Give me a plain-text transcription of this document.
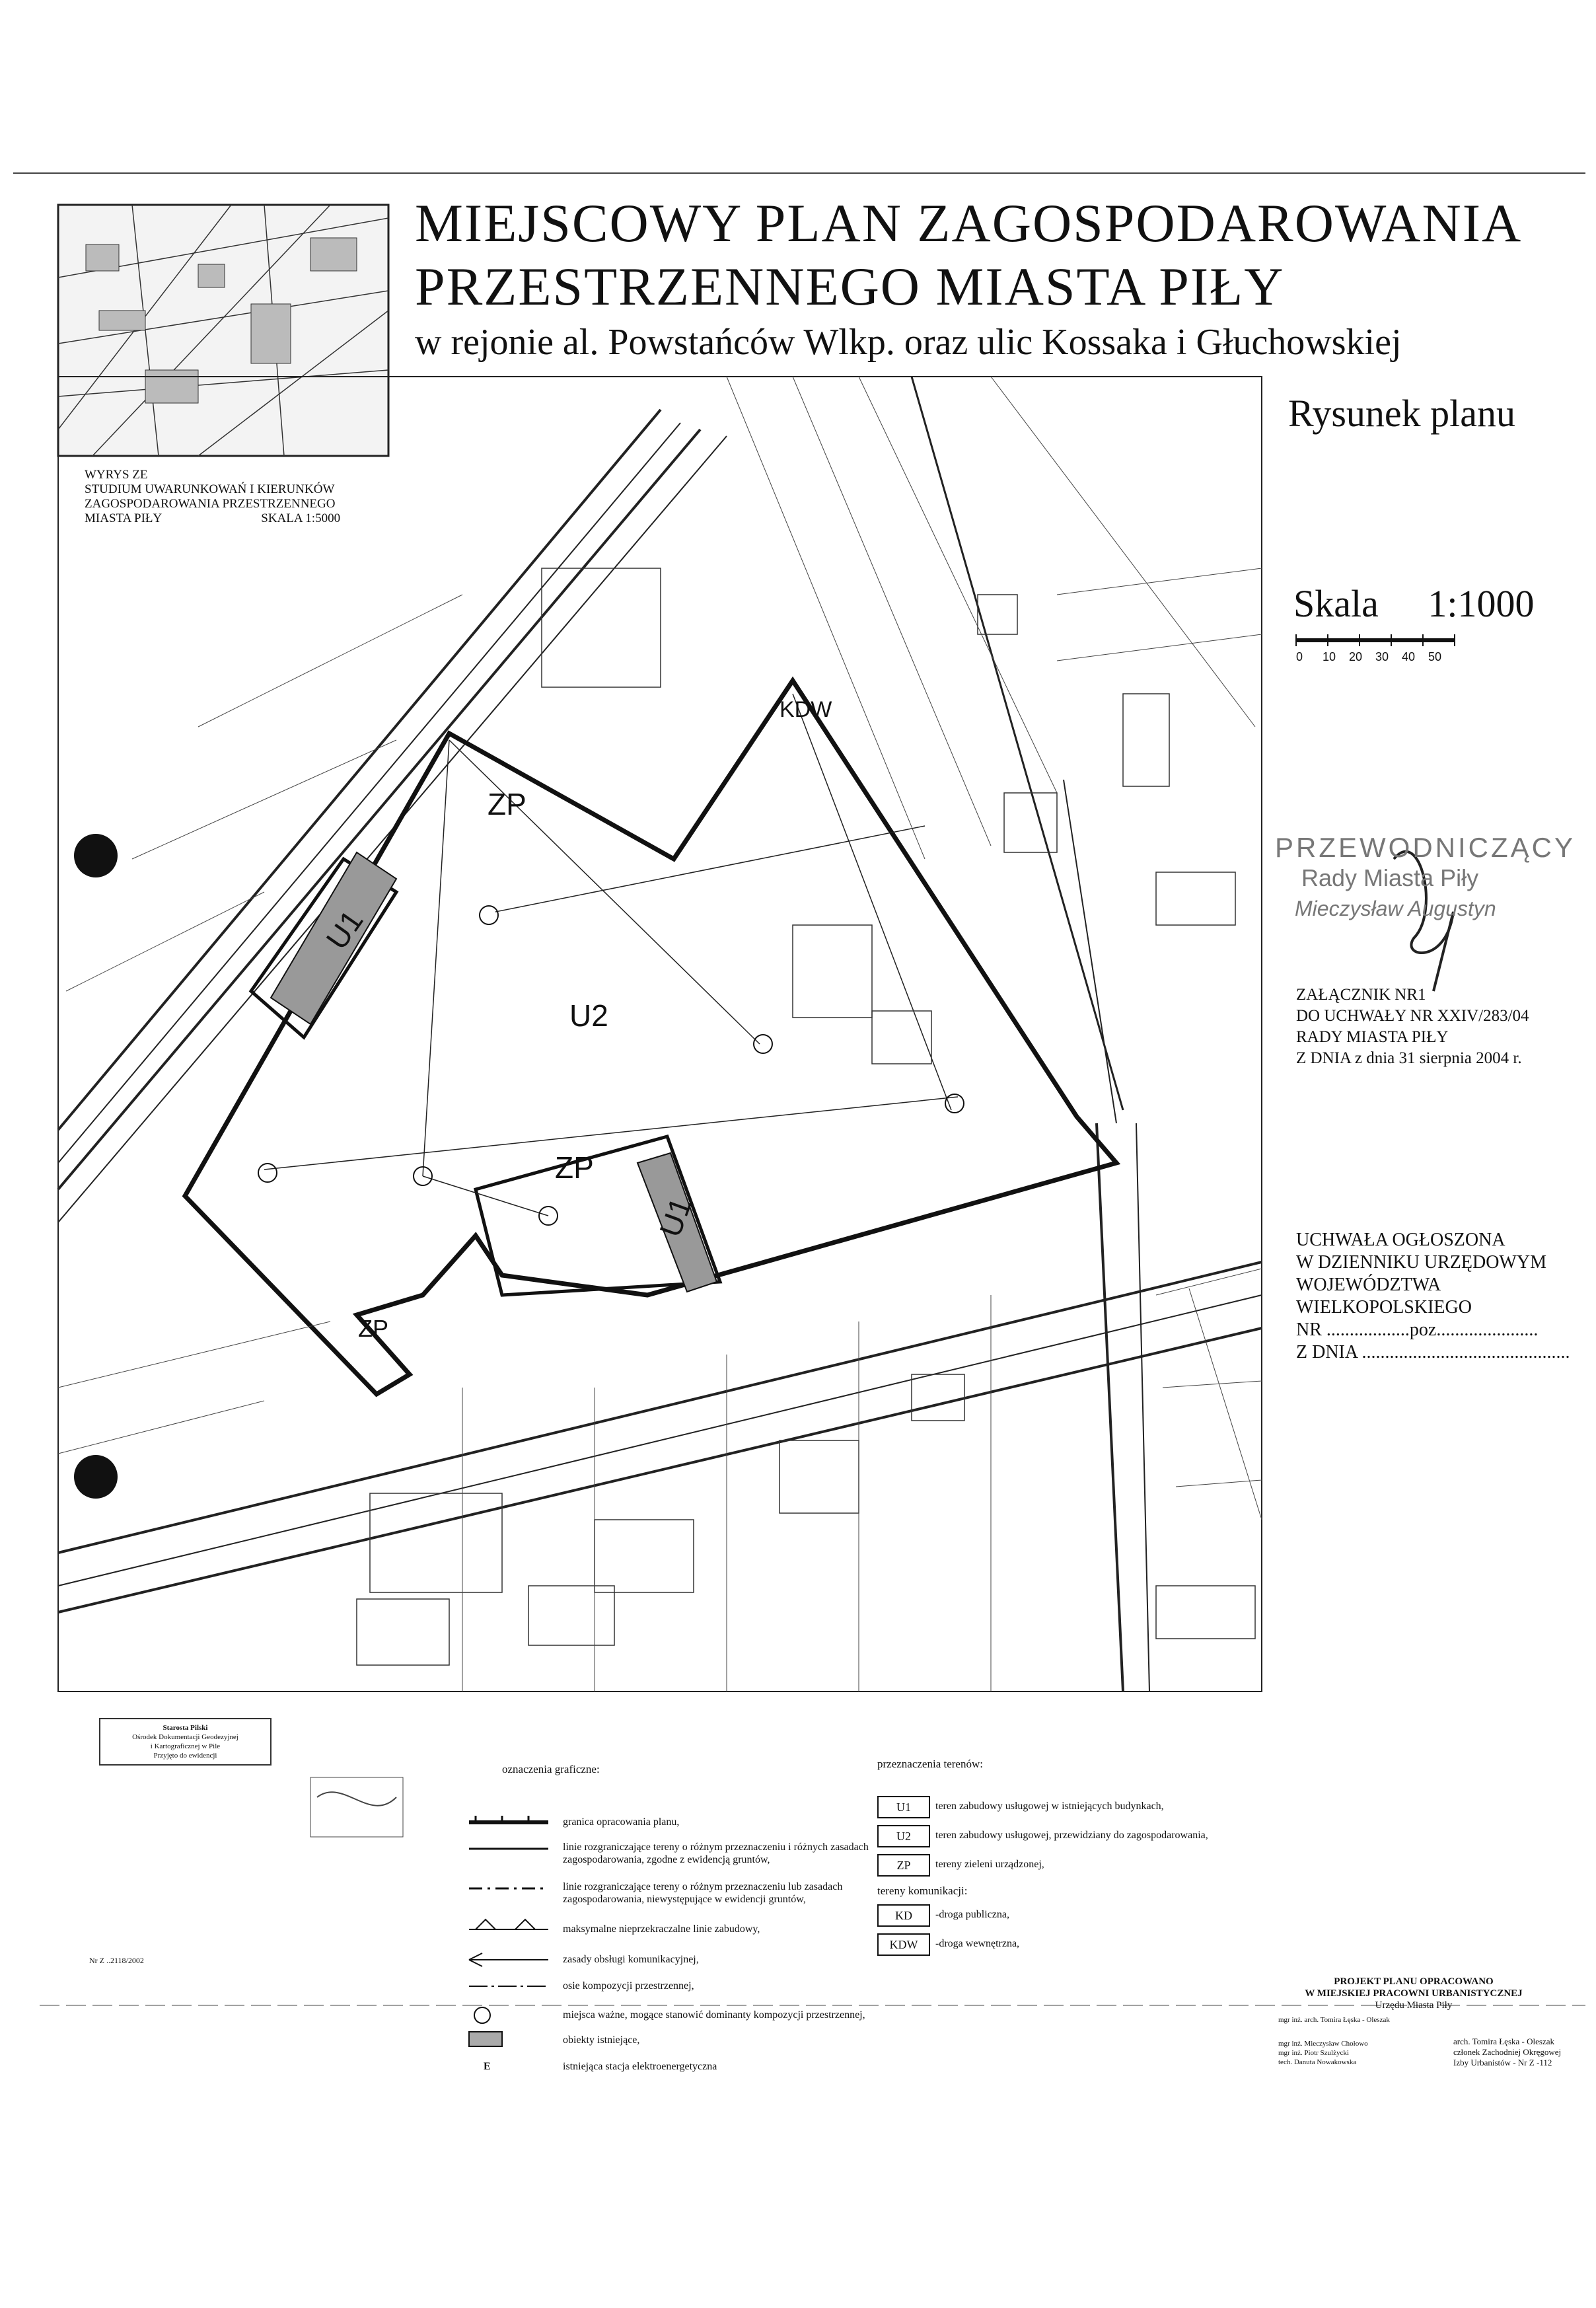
KDW
ZP
U1
U2
ZP
U1
ZP
MIEJSCOWY PLAN ZAGOSPODAROWANIA
PRZESTRZENNEGO MIASTA PIŁY
w rejonie al. Powstańców Wlkp. oraz ulic Kossaka i Głuchowskiej
WYRYS ZE
STUDIUM UWARUNKOWAŃ I KIERUNKÓW
ZAGOSPODAROWANIA PRZESTRZENNEGO
MIASTA PIŁY	SKALA 1:5000
Rysunek planu
Skala 1:1000
0 10 20 30 40 50
PRZEWODNICZĄCY
Rady Miasta Piły
Mieczysław Augustyn
ZAŁĄCZNIK NR1
DO UCHWAŁY NR XXIV/283/04
RADY MIASTA PIŁY
Z DNIA z dnia 31 sierpnia 2004 r.
UCHWAŁA OGŁOSZONA
W DZIENNIKU URZĘDOWYM
WOJEWÓDZTWA
WIELKOPOLSKIEGO
NR ..................poz......................
Z DNIA .............................................
Starosta Pilski
Ośrodek Dokumentacji Geodezyjnej
i Kartograficznej w Pile
Przyjęto do ewidencji
Nr Z ..2118/2002
oznaczenia graficzne:
granica opracowania planu,
linie rozgraniczające tereny o różnym przeznaczeniu i różnych zasadach zagospodarowania, zgodne z ewidencją gruntów,
linie rozgraniczające tereny o różnym przeznaczeniu lub zasadach zagospodarowania, niewystępujące w ewidencji gruntów,
maksymalne nieprzekraczalne linie zabudowy,
zasady obsługi komunikacyjnej,
osie kompozycji przestrzennej,
miejsca ważne, mogące stanowić dominanty kompozycji przestrzennej,
obiekty istniejące,
E	istniejąca stacja elektroenergetyczna
przeznaczenia terenów:
U1	teren zabudowy usługowej w istniejących budynkach,
U2	teren zabudowy usługowej, przewidziany do zagospodarowania,
ZP	tereny zieleni urządzonej,
tereny komunikacji:
KD	-droga publiczna,
KDW	-droga wewnętrzna,
PROJEKT PLANU OPRACOWANO
W MIEJSKIEJ PRACOWNI URBANISTYCZNEJ
Urzędu Miasta Piły
mgr inż. arch. Tomira Łęska - Oleszak
mgr inż. Mieczysław Chołowo
mgr inż. Piotr Szulżycki
tech. Danuta Nowakowska
arch. Tomira Łęska - Oleszak
członek Zachodniej Okręgowej
Izby Urbanistów - Nr Z -112
